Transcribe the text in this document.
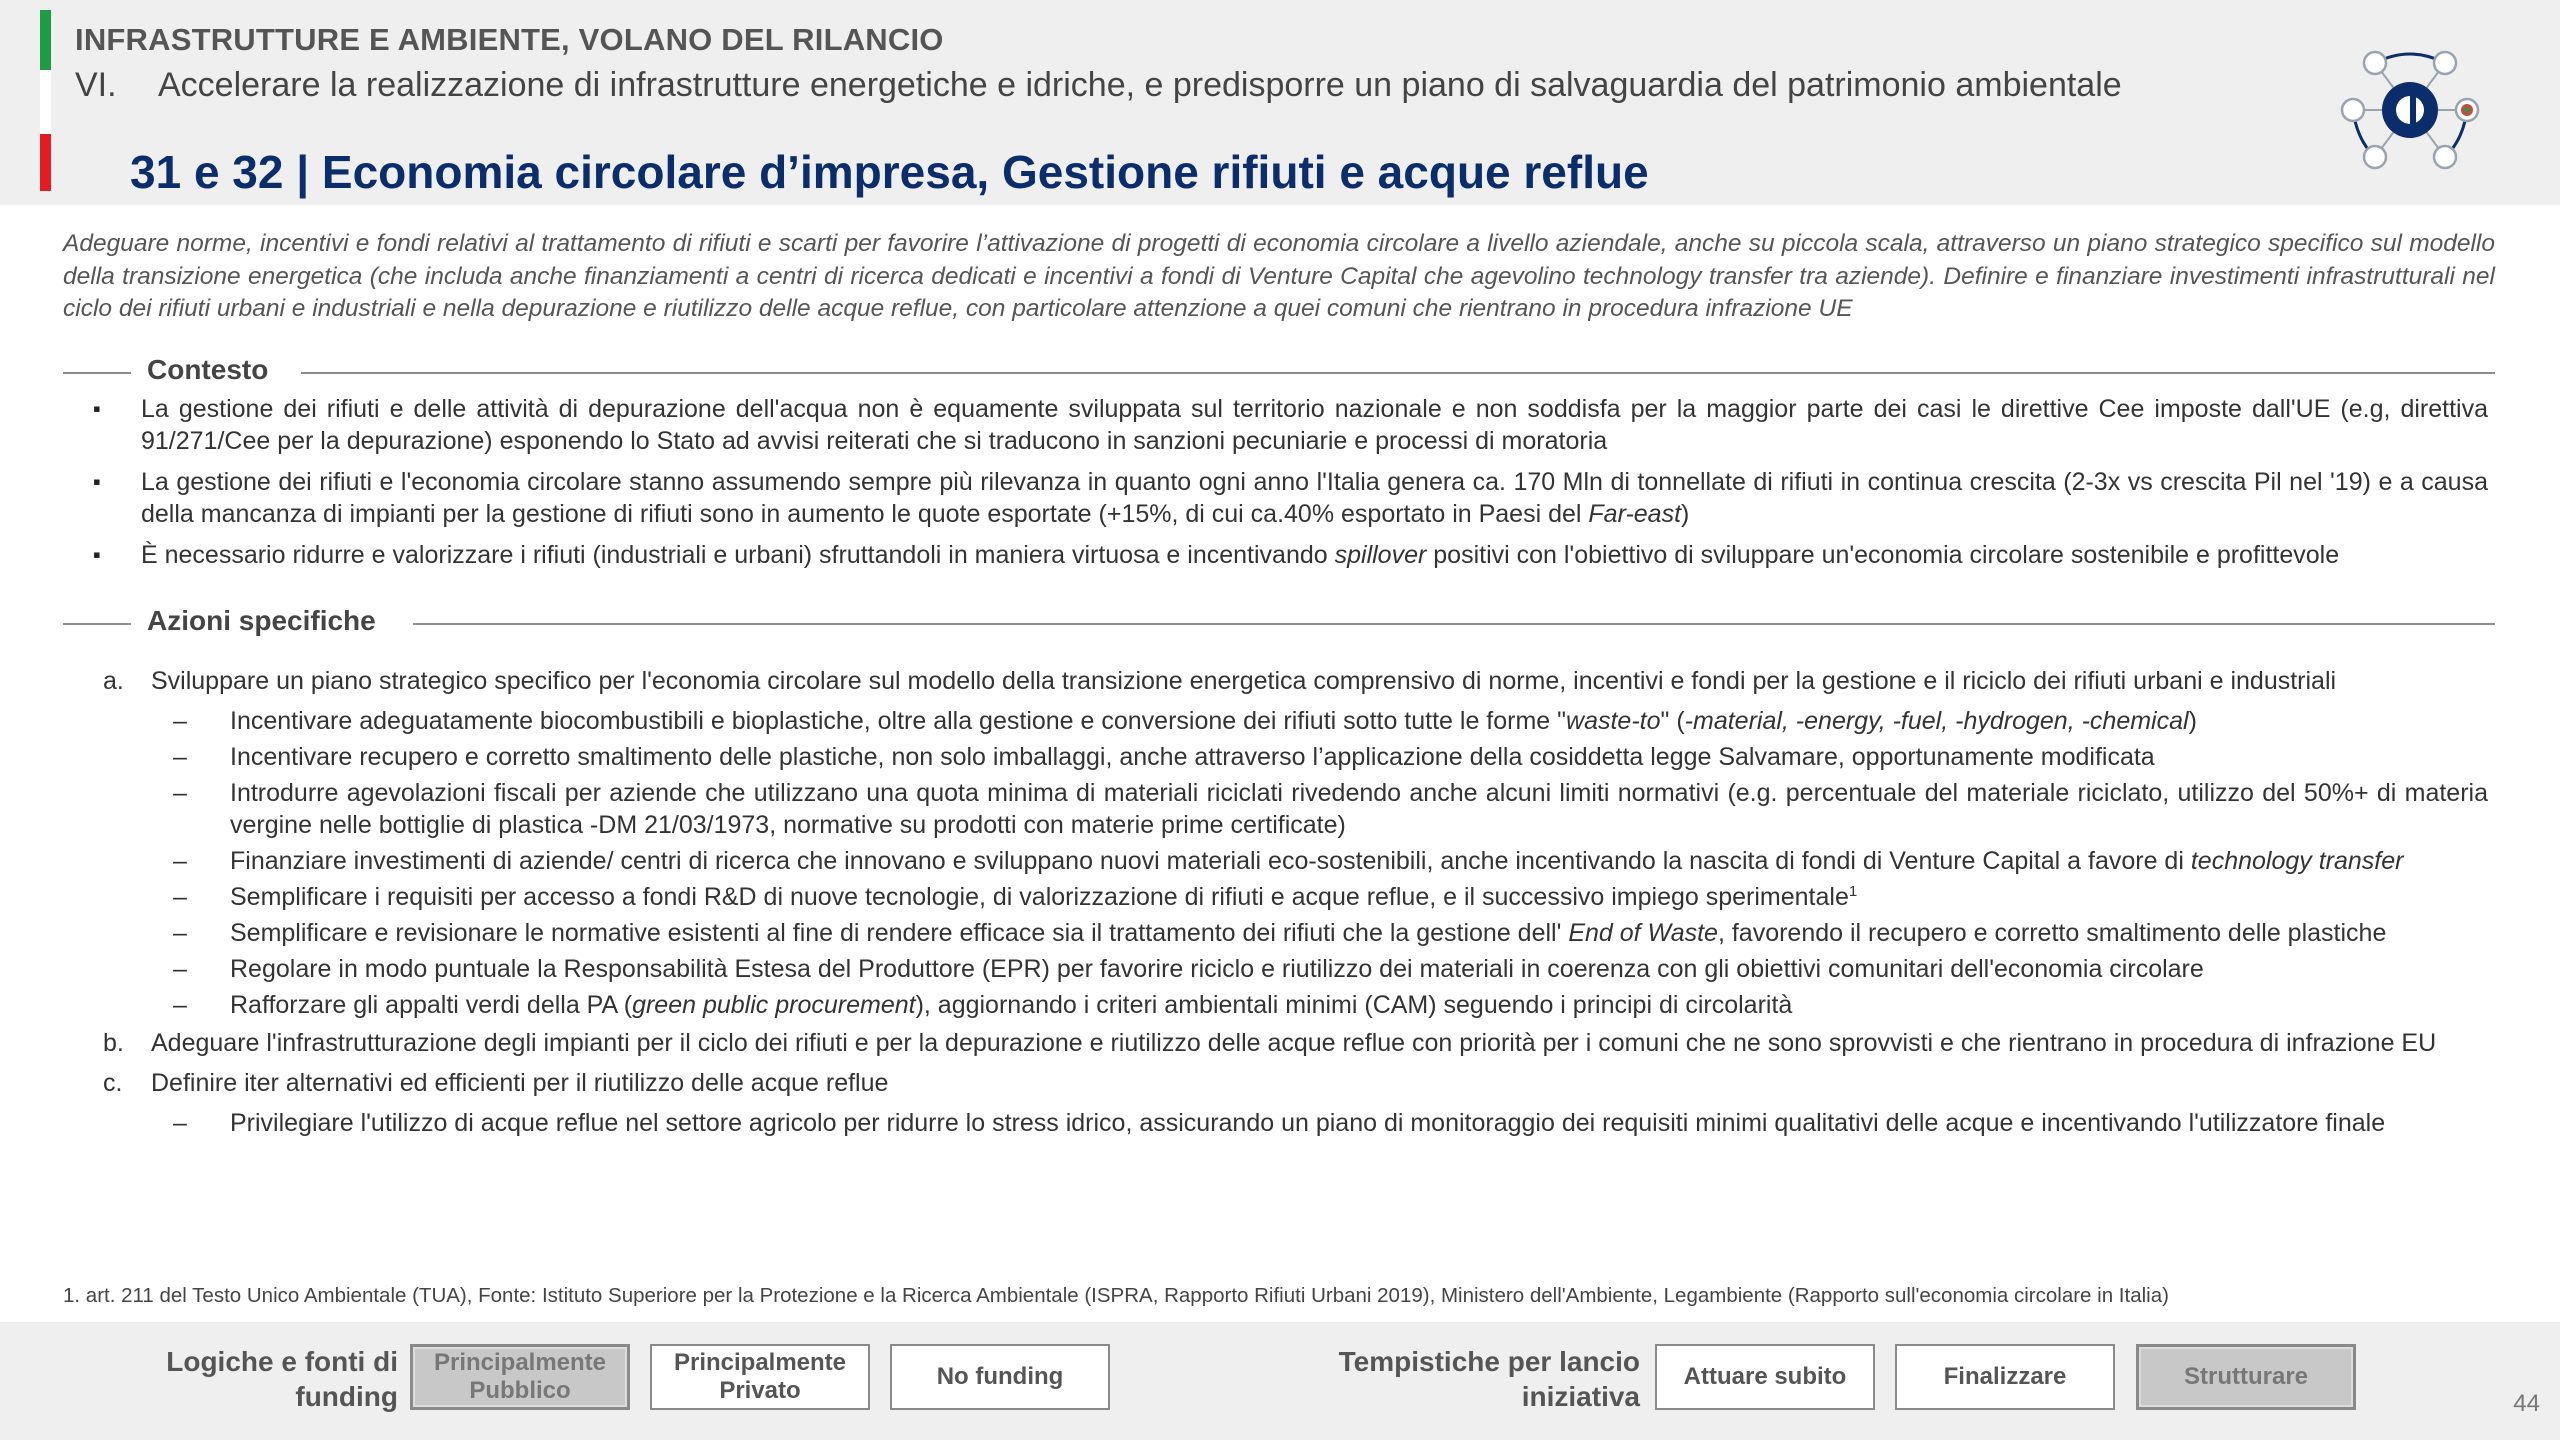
INFRASTRUTTURE E AMBIENTE, VOLANO DEL RILANCIO
VI. Accelerare la realizzazione di infrastrutture energetiche e idriche, e predisporre un piano di salvaguardia del patrimonio ambientale
31 e 32 | Economia circolare d’impresa, Gestione rifiuti e acque reflue

Adeguare norme, incentivi e fondi relativi al trattamento di rifiuti e scarti per favorire l’attivazione di progetti di economia circolare a livello aziendale, anche su piccola scala, attraverso un piano strategico specifico sul modello della transizione energetica (che includa anche finanziamenti a centri di ricerca dedicati e incentivi a fondi di Venture Capital che agevolino technology transfer tra aziende). Definire e finanziare investimenti infrastrutturali nel ciclo dei rifiuti urbani e industriali e nella depurazione e riutilizzo delle acque reflue, con particolare attenzione a quei comuni che rientrano in procedura infrazione UE

Contesto
▪ La gestione dei rifiuti e delle attività di depurazione dell'acqua non è equamente sviluppata sul territorio nazionale e non soddisfa per la maggior parte dei casi le direttive Cee imposte dall'UE (e.g, direttiva 91/271/Cee per la depurazione) esponendo lo Stato ad avvisi reiterati che si traducono in sanzioni pecuniarie e processi di moratoria
▪ La gestione dei rifiuti e l'economia circolare stanno assumendo sempre più rilevanza in quanto ogni anno l'Italia genera ca. 170 Mln di tonnellate di rifiuti in continua crescita (2-3x vs crescita Pil nel '19) e a causa della mancanza di impianti per la gestione di rifiuti sono in aumento le quote esportate (+15%, di cui ca.40% esportato in Paesi del Far-east)
▪ È necessario ridurre e valorizzare i rifiuti (industriali e urbani) sfruttandoli in maniera virtuosa e incentivando spillover positivi con l'obiettivo di sviluppare un'economia circolare sostenibile e profittevole
Azioni specifiche
a. Sviluppare un piano strategico specifico per l'economia circolare sul modello della transizione energetica comprensivo di norme, incentivi e fondi per la gestione e il riciclo dei rifiuti urbani e industriali
– Incentivare adeguatamente biocombustibili e bioplastiche, oltre alla gestione e conversione dei rifiuti sotto tutte le forme "waste-to" (-material, -energy, -fuel, -hydrogen, -chemical)
– Incentivare recupero e corretto smaltimento delle plastiche, non solo imballaggi, anche attraverso l’applicazione della cosiddetta legge Salvamare, opportunamente modificata
– Introdurre agevolazioni fiscali per aziende che utilizzano una quota minima di materiali riciclati rivedendo anche alcuni limiti normativi (e.g. percentuale del materiale riciclato, utilizzo del 50%+ di materia vergine nelle bottiglie di plastica -DM 21/03/1973, normative su prodotti con materie prime certificate)
– Finanziare investimenti di aziende/ centri di ricerca che innovano e sviluppano nuovi materiali eco-sostenibili, anche incentivando la nascita di fondi di Venture Capital a favore di technology transfer
– Semplificare i requisiti per accesso a fondi R&D di nuove tecnologie, di valorizzazione di rifiuti e acque reflue, e il successivo impiego sperimentale$^1$
– Semplificare e revisionare le normative esistenti al fine di rendere efficace sia il trattamento dei rifiuti che la gestione dell' End of Waste, favorendo il recupero e corretto smaltimento delle plastiche
– Regolare in modo puntuale la Responsabilità Estesa del Produttore (EPR) per favorire riciclo e riutilizzo dei materiali in coerenza con gli obiettivi comunitari dell'economia circolare
– Rafforzare gli appalti verdi della PA (green public procurement), aggiornando i criteri ambientali minimi (CAM) seguendo i principi di circolarità
b. Adeguare l'infrastrutturazione degli impianti per il ciclo dei rifiuti e per la depurazione e riutilizzo delle acque reflue con priorità per i comuni che ne sono sprovvisti e che rientrano in procedura di infrazione EU
c. Definire iter alternativi ed efficienti per il riutilizzo delle acque reflue
– Privilegiare l'utilizzo di acque reflue nel settore agricolo per ridurre lo stress idrico, assicurando un piano di monitoraggio dei requisiti minimi qualitativi delle acque e incentivando l'utilizzatore finale
1. art. 211 del Testo Unico Ambientale (TUA), Fonte: Istituto Superiore per la Protezione e la Ricerca Ambientale (ISPRA, Rapporto Rifiuti Urbani 2019), Ministero dell'Ambiente, Legambiente (Rapporto sull'economia circolare in Italia)
Logiche e fonti di
funding
Principalmente
Pubblico
Principalmente
Privato
No funding	Tempistiche per lancio
iniziativa
Attuare subito	Finalizzare	Strutturare
44
